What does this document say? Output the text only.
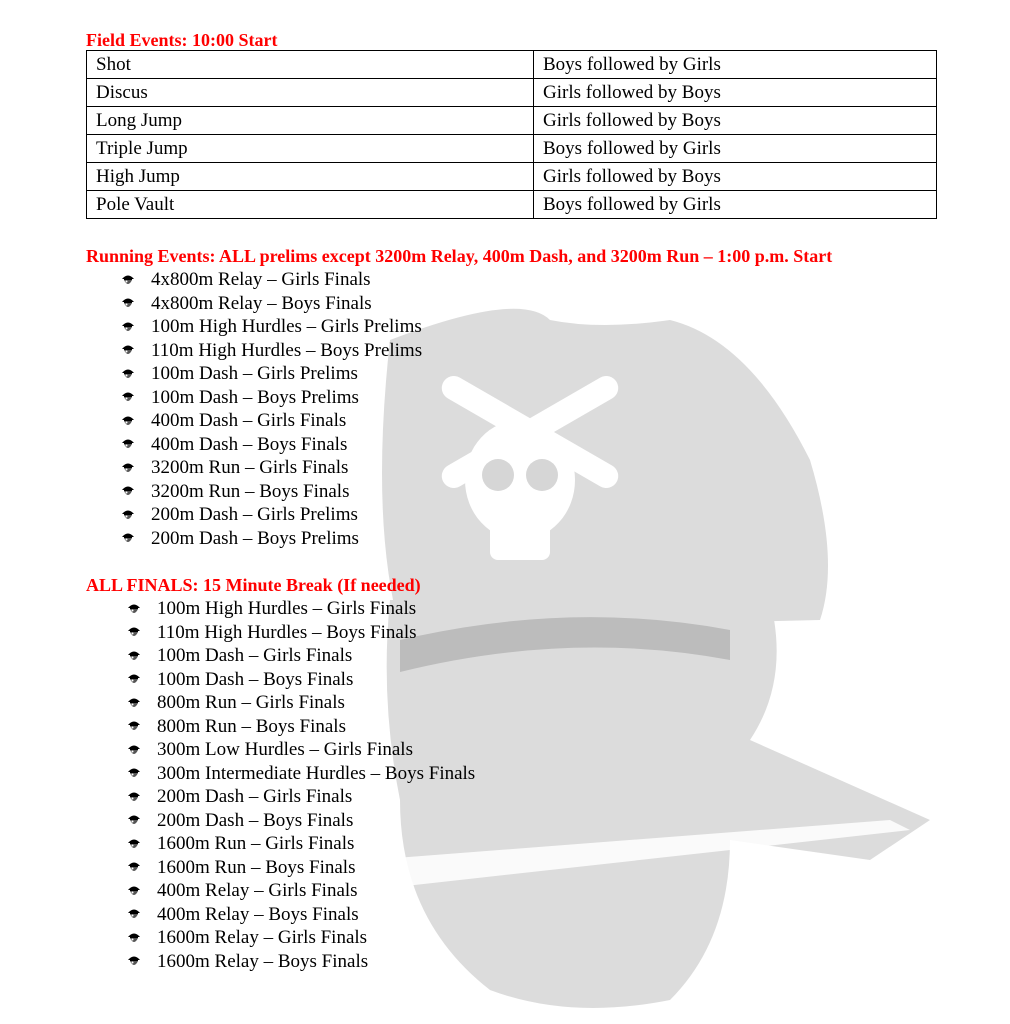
Field Events: 10:00 Start
Shot	Boys followed by Girls
Discus	Girls followed by Boys
Long Jump	Girls followed by Boys
Triple Jump	Boys followed by Girls
High Jump	Girls followed by Boys
Pole Vault	Boys followed by Girls
Running Events: ALL prelims except 3200m Relay, 400m Dash, and 3200m Run – 1:00 p.m. Start
4x800m Relay – Girls Finals
4x800m Relay – Boys Finals
100m High Hurdles – Girls Prelims
110m High Hurdles – Boys Prelims
100m Dash – Girls Prelims
100m Dash – Boys Prelims
400m Dash – Girls Finals
400m Dash – Boys Finals
3200m Run – Girls Finals
3200m Run – Boys Finals
200m Dash – Girls Prelims
200m Dash – Boys Prelims
ALL FINALS: 15 Minute Break (If needed)
100m High Hurdles – Girls Finals
110m High Hurdles – Boys Finals
100m Dash – Girls Finals
100m Dash – Boys Finals
800m Run – Girls Finals
800m Run – Boys Finals
300m Low Hurdles – Girls Finals
300m Intermediate Hurdles – Boys Finals
200m Dash – Girls Finals
200m Dash – Boys Finals
1600m Run – Girls Finals
1600m Run – Boys Finals
400m Relay – Girls Finals
400m Relay – Boys Finals
1600m Relay – Girls Finals
1600m Relay – Boys Finals
